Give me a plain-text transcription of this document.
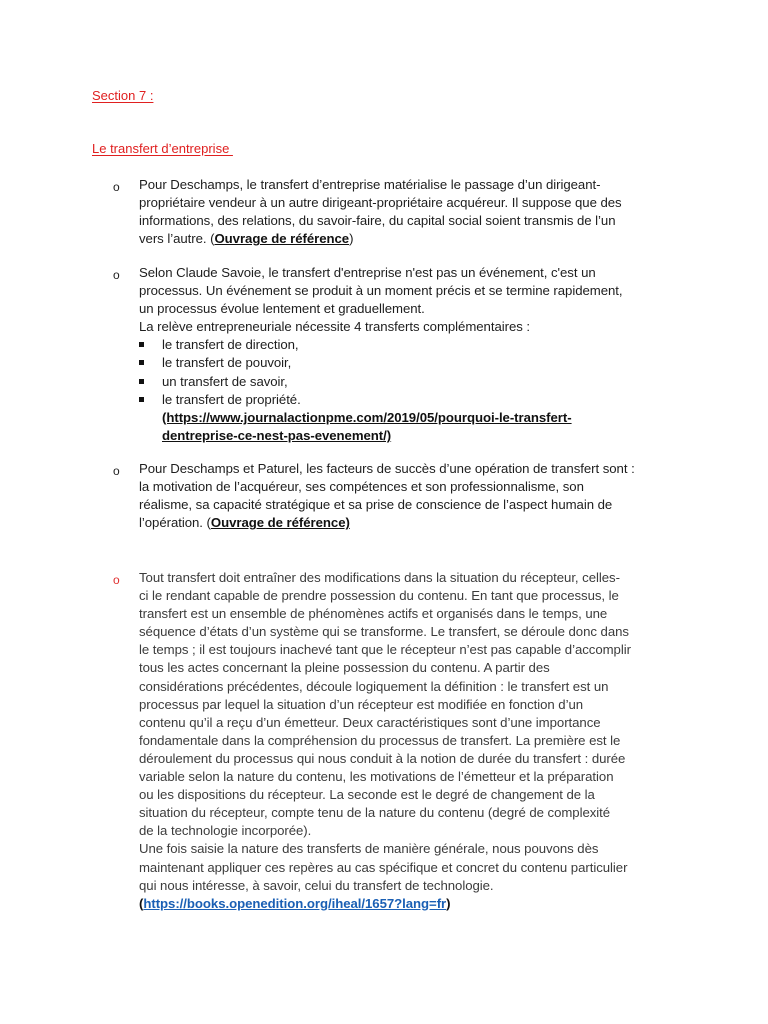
Section 7 :

Le transfert d’entreprise

o Pour Deschamps, le transfert d’entreprise matérialise le passage d’un dirigeant-
propriétaire vendeur à un autre dirigeant-propriétaire acquéreur. Il suppose que des
informations, des relations, du savoir-faire, du capital social soient transmis de l’un
vers l’autre. (Ouvrage de référence)
o Selon Claude Savoie, le transfert d'entreprise n'est pas un événement, c'est un
processus. Un événement se produit à un moment précis et se termine rapidement,
un processus évolue lentement et graduellement.
La relève entrepreneuriale nécessite 4 transferts complémentaires :
le transfert de direction,
le transfert de pouvoir,
un transfert de savoir,
le transfert de propriété.
(https://www.journalactionpme.com/2019/05/pourquoi-le-transfert-
dentreprise-ce-nest-pas-evenement/)
o Pour Deschamps et Paturel, les facteurs de succès d’une opération de transfert sont :
la motivation de l’acquéreur, ses compétences et son professionnalisme, son
réalisme, sa capacité stratégique et sa prise de conscience de l’aspect humain de
l’opération. (Ouvrage de référence)
o Tout transfert doit entraîner des modifications dans la situation du récepteur, celles-
ci le rendant capable de prendre possession du contenu. En tant que processus, le
transfert est un ensemble de phénomènes actifs et organisés dans le temps, une
séquence d’états d’un système qui se transforme. Le transfert, se déroule donc dans
le temps ; il est toujours inachevé tant que le récepteur n’est pas capable d’accomplir
tous les actes concernant la pleine possession du contenu. A partir des
considérations précédentes, découle logiquement la définition : le transfert est un
processus par lequel la situation d’un récepteur est modifiée en fonction d’un
contenu qu’il a reçu d’un émetteur. Deux caractéristiques sont d’une importance
fondamentale dans la compréhension du processus de transfert. La première est le
déroulement du processus qui nous conduit à la notion de durée du transfert : durée
variable selon la nature du contenu, les motivations de l’émetteur et la préparation
ou les dispositions du récepteur. La seconde est le degré de changement de la
situation du récepteur, compte tenu de la nature du contenu (degré de complexité
de la technologie incorporée).
Une fois saisie la nature des transferts de manière générale, nous pouvons dès
maintenant appliquer ces repères au cas spécifique et concret du contenu particulier
qui nous intéresse, à savoir, celui du transfert de technologie.
(https://books.openedition.org/iheal/1657?lang=fr)
